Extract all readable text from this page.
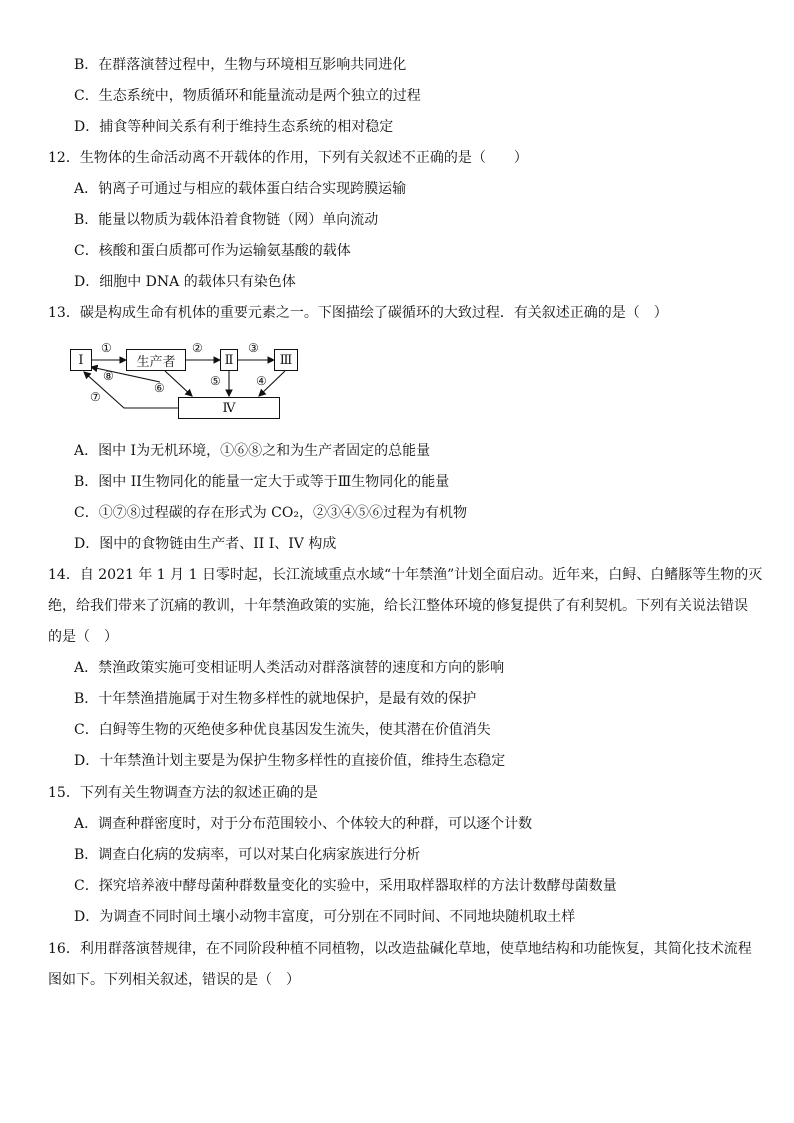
B．在群落演替过程中，生物与环境相互影响共同进化
C．生态系统中，物质循环和能量流动是两个独立的过程
D．捕食等种间关系有利于维持生态系统的相对稳定
12．生物体的生命活动离不开载体的作用，下列有关叙述不正确的是（　　）
A．钠离子可通过与相应的载体蛋白结合实现跨膜运输
B．能量以物质为载体沿着食物链（网）单向流动
C．核酸和蛋白质都可作为运输氨基酸的载体
D．细胞中 DNA 的载体只有染色体
13．碳是构成生命有机体的重要元素之一。下图描绘了碳循环的大致过程．有关叙述正确的是（　）
Ⅰ	生产者	Ⅱ	Ⅲ
Ⅳ
①	②	③
⑧	⑤	④
⑥
⑦
A．图中 I为无机环境，①⑥⑧之和为生产者固定的总能量
B．图中 II生物同化的能量一定大于或等于Ⅲ生物同化的能量
C．①⑦⑧过程碳的存在形式为 CO₂，②③④⑤⑥过程为有机物
D．图中的食物链由生产者、II I、IV 构成
14．自 2021 年 1 月 1 日零时起，长江流域重点水域“十年禁渔”计划全面启动。近年来，白鲟、白鳍豚等生物的灭
绝，给我们带来了沉痛的教训，十年禁渔政策的实施，给长江整体环境的修复提供了有利契机。下列有关说法错误
的是（　）
A．禁渔政策实施可变相证明人类活动对群落演替的速度和方向的影响
B．十年禁渔措施属于对生物多样性的就地保护，是最有效的保护
C．白鲟等生物的灭绝使多种优良基因发生流失，使其潜在价值消失
D．十年禁渔计划主要是为保护生物多样性的直接价值，维持生态稳定
15．下列有关生物调查方法的叙述正确的是
A．调查种群密度时，对于分布范围较小、个体较大的种群，可以逐个计数
B．调查白化病的发病率，可以对某白化病家族进行分析
C．探究培养液中酵母菌种群数量变化的实验中，采用取样器取样的方法计数酵母菌数量
D．为调查不同时间土壤小动物丰富度，可分别在不同时间、不同地块随机取土样
16．利用群落演替规律，在不同阶段种植不同植物，以改造盐碱化草地，使草地结构和功能恢复，其简化技术流程
图如下。下列相关叙述，错误的是（　）
